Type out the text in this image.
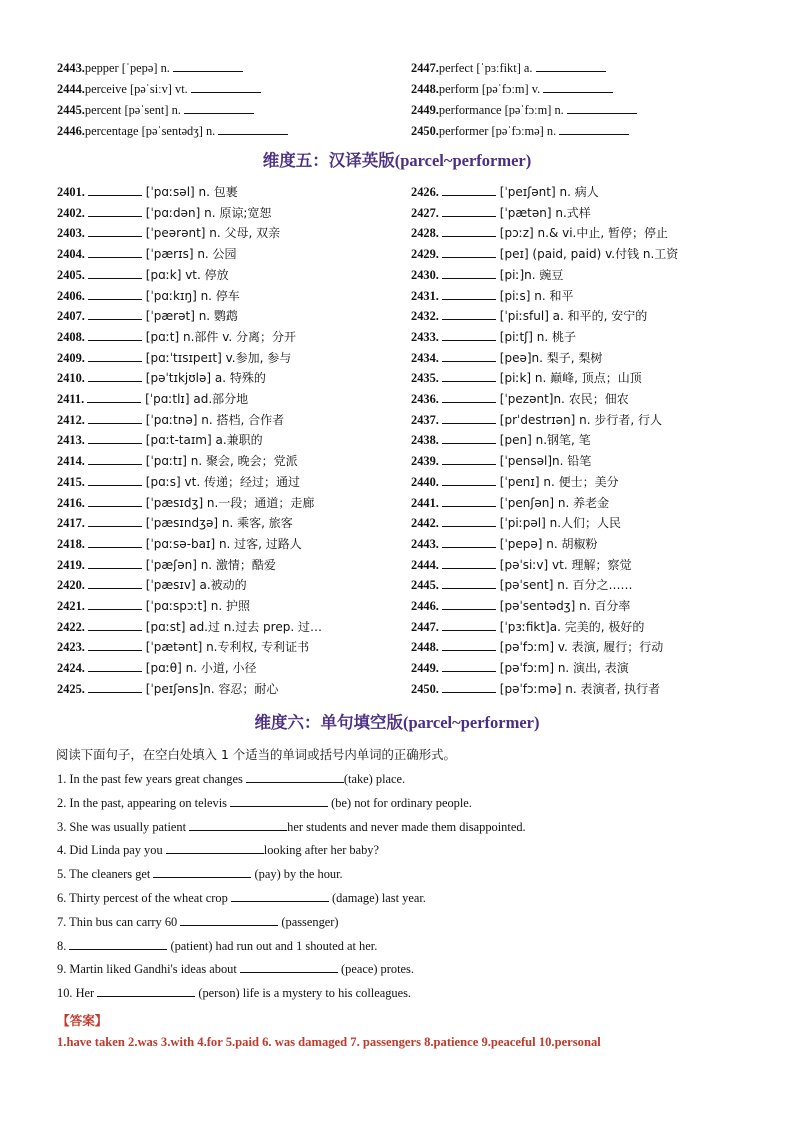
2443.pepper [ˈpepə] n.
2444.perceive [pəˈsiːv] vt.
2445.percent [pəˈsent] n.
2446.percentage [pəˈsentədʒ] n.
2447.perfect [ˈpɜːfikt] a.
2448.perform [pəˈfɔːm] v.
2449.performance [pəˈfɔːm] n.
2450.performer [pəˈfɔːmə] n.
维度五：汉译英版(parcel~performer)
2401.	[ˈpɑːsəl] n. 包裹
2402.	[ˈpɑːdən] n. 原谅;宽恕
2403.	[ˈpeərənt] n. 父母, 双亲
2404.	[ˈpærɪs] n. 公园
2405.	[pɑːk] vt. 停放
2406.	[ˈpɑːkɪŋ] n. 停车
2407.	[ˈpærət] n. 鹦鹉
2408.	[pɑːt] n.部件 v. 分离；分开
2409.	[pɑːˈtɪsɪpeɪt] v.参加, 参与
2410.	[pəˈtɪkjʊlə] a. 特殊的
2411.	[ˈpɑːtlɪ] ad.部分地
2412.	[ˈpɑːtnə] n. 搭档, 合作者
2413.	[pɑːt-taɪm] a.兼职的
2414.	[ˈpɑːtɪ] n. 聚会, 晚会；党派
2415.	[pɑːs] vt. 传递；经过；通过
2416.	[ˈpæsɪdʒ] n.一段；通道；走廊
2417.	[ˈpæsɪndʒə] n. 乘客, 旅客
2418.	[ˈpɑːsə-baɪ] n. 过客, 过路人
2419.	[ˈpæʃən] n. 激情；酷爱
2420.	[ˈpæsɪv] a.被动的
2421.	[ˈpɑːspɔːt] n. 护照
2422.	[pɑːst] ad.过 n.过去 prep. 过…
2423.	[ˈpætənt] n.专利权, 专利证书
2424.	[pɑːθ] n. 小道, 小径
2425.	[ˈpeɪʃəns]n. 容忍；耐心
2426.	[ˈpeɪʃənt] n. 病人
2427.	[ˈpætən] n.式样
2428.	[pɔːz] n.& vi.中止, 暂停；停止
2429.	[peɪ] (paid, paid) v.付钱 n.工资
2430.	[piː]n. 豌豆
2431.	[piːs] n. 和平
2432.	[ˈpiːsful] a. 和平的, 安宁的
2433.	[piːtʃ] n. 桃子
2434.	[peə]n. 梨子, 梨树
2435.	[piːk] n. 巅峰, 顶点；山顶
2436.	[ˈpezənt]n. 农民；佃农
2437.	[prˈdestrɪən] n. 步行者, 行人
2438.	[pen] n.钢笔, 笔
2439.	[ˈpensəl]n. 铅笔
2440.	[ˈpenɪ] n. 便士；美分
2441.	[ˈpenʃən] n. 养老金
2442.	[ˈpiːpəl] n.人们；人民
2443.	[ˈpepə] n. 胡椒粉
2444.	[pəˈsiːv] vt. 理解；察觉
2445.	[pəˈsent] n. 百分之……
2446.	[pəˈsentədʒ] n. 百分率
2447.	[ˈpɜːfikt]a. 完美的, 极好的
2448.	[pəˈfɔːm] v. 表演, 履行；行动
2449.	[pəˈfɔːm] n. 演出, 表演
2450.	[pəˈfɔːmə] n. 表演者, 执行者
维度六：单句填空版(parcel~performer)
阅读下面句子，在空白处填入 1 个适当的单词或括号内单词的正确形式。
1. In the past few years great changes	(take) place.
2. In the past, appearing on televis	(be) not for ordinary people.
3. She was usually patient	her students and never made them disappointed.
4. Did Linda pay you	looking after her baby?
5. The cleaners get	(pay) by the hour.
6. Thirty percest of the wheat crop	(damage) last year.
7. Thin bus can carry 60	(passenger)
8.	(patient) had run out and 1 shouted at her.
9. Martin liked Gandhi's ideas about	(peace) protes.
10. Her	(person) life is a mystery to his colleagues.
【答案】
1.have taken 2.was 3.with 4.for 5.paid 6. was damaged 7. passengers 8.patience 9.peaceful 10.personal
